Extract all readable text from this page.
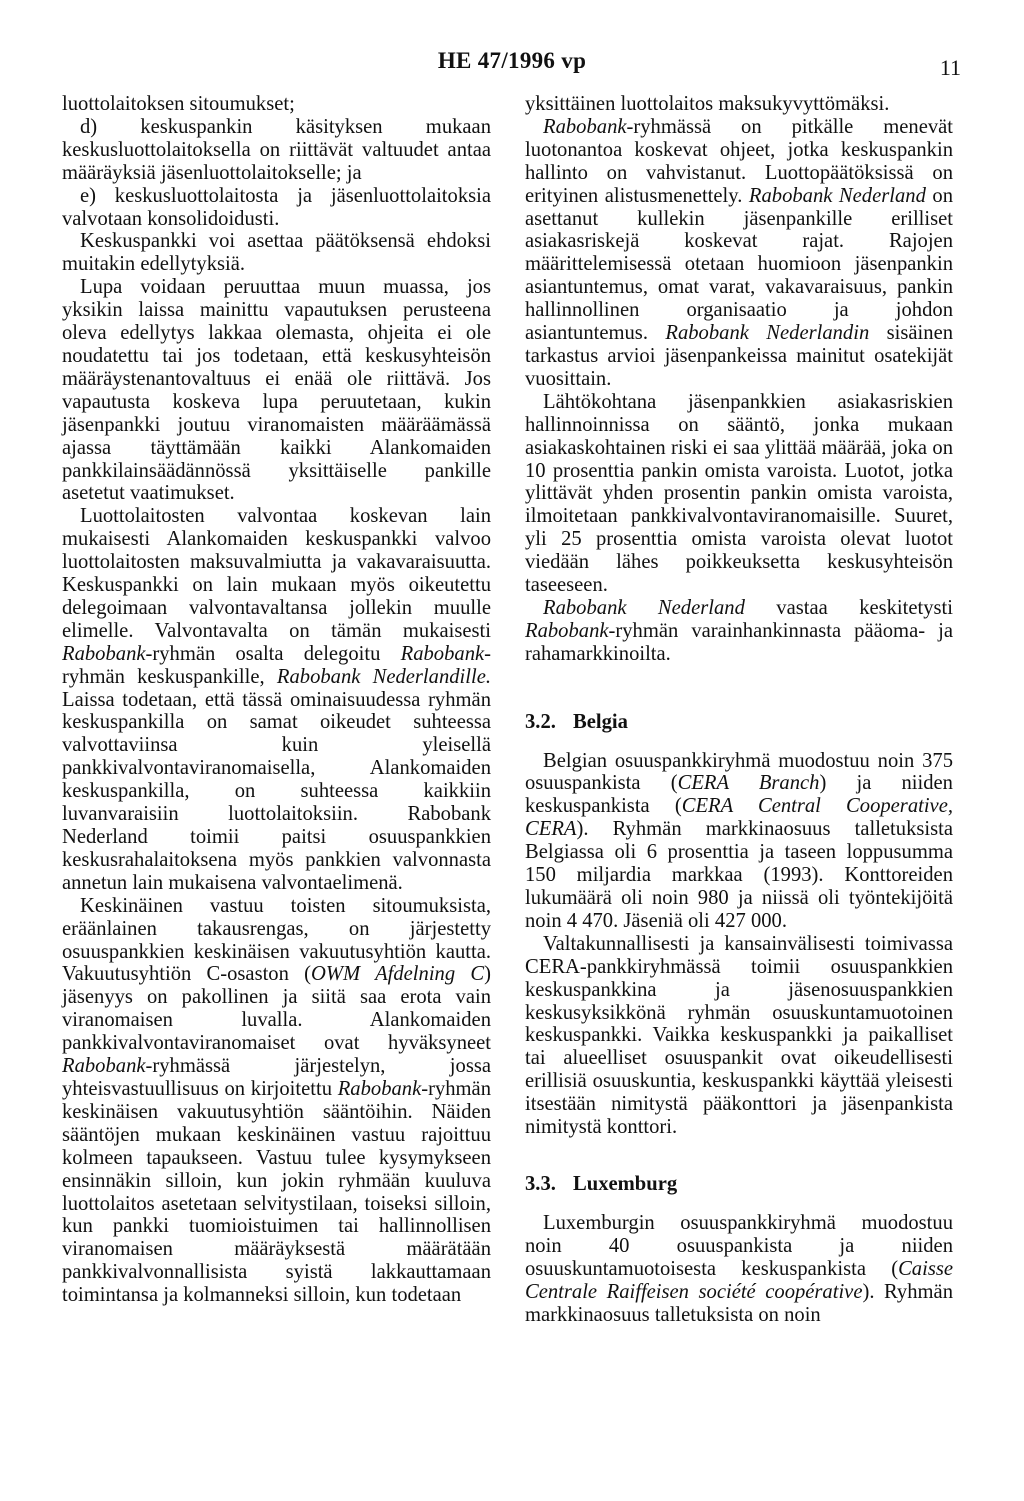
HE 47/1996 vp	11

luottolaitoksen sitoumukset;

d) keskuspankin käsityksen mukaan keskusluottolaitoksella on riittävät valtuudet antaa määräyksiä jäsenluottolaitokselle; ja

e) keskusluottolaitosta ja jäsenluottolaitoksia valvotaan konsolidoidusti.

Keskuspankki voi asettaa päätöksensä ehdoksi muitakin edellytyksiä.

Lupa voidaan peruuttaa muun muassa, jos yksikin laissa mainittu vapautuksen perusteena oleva edellytys lakkaa olemasta, ohjeita ei ole noudatettu tai jos todetaan, että keskusyhteisön määräystenantovaltuus ei enää ole riittävä. Jos vapautusta koskeva lupa peruutetaan, kukin jäsenpankki joutuu viranomaisten määräämässä ajassa täyttämään kaikki Alankomaiden pankkilainsäädännössä yksittäiselle pankille asetetut vaatimukset.

Luottolaitosten valvontaa koskevan lain mukaisesti Alankomaiden keskuspankki valvoo luottolaitosten maksuvalmiutta ja vakavaraisuutta. Keskuspankki on lain mukaan myös oikeutettu delegoimaan valvontavaltansa jollekin muulle elimelle. Valvontavalta on tämän mukaisesti Rabobank-ryhmän osalta delegoitu Rabobank-ryhmän keskuspankille, Rabobank Nederlandille. Laissa todetaan, että tässä ominaisuudessa ryhmän keskuspankilla on samat oikeudet suhteessa valvottaviinsa kuin yleisellä pankkivalvontaviranomaisella, Alankomaiden keskuspankilla, on suhteessa kaikkiin luvanvaraisiin luottolaitoksiin. Rabobank Nederland toimii paitsi osuuspankkien keskusrahalaitoksena myös pankkien valvonnasta annetun lain mukaisena valvontaelimenä.

Keskinäinen vastuu toisten sitoumuksista, eräänlainen takausrengas, on järjestetty osuuspankkien keskinäisen vakuutusyhtiön kautta. Vakuutusyhtiön C-osaston (OWM Afdelning C) jäsenyys on pakollinen ja siitä saa erota vain viranomaisen luvalla. Alankomaiden pankkivalvontaviranomaiset ovat hyväksyneet Rabobank-ryhmässä järjestelyn, jossa yhteisvastuullisuus on kirjoitettu Rabobank-ryhmän keskinäisen vakuutusyhtiön sääntöihin. Näiden sääntöjen mukaan keskinäinen vastuu rajoittuu kolmeen tapaukseen. Vastuu tulee kysymykseen ensinnäkin silloin, kun jokin ryhmään kuuluva luottolaitos asetetaan selvitystilaan, toiseksi silloin, kun pankki tuomioistuimen tai hallinnollisen viranomaisen määräyksestä määrätään pankkivalvonnallisista syistä lakkauttamaan toimintansa ja kolmanneksi silloin, kun todetaan

yksittäinen luottolaitos maksukyvyttömäksi.

Rabobank-ryhmässä on pitkälle menevät luotonantoa koskevat ohjeet, jotka keskuspankin hallinto on vahvistanut. Luottopäätöksissä on erityinen alistusmenettely. Rabobank Nederland on asettanut kullekin jäsenpankille erilliset asiakasriskejä koskevat rajat. Rajojen määrittelemisessä otetaan huomioon jäsenpankin asiantuntemus, omat varat, vakavaraisuus, pankin hallinnollinen organisaatio ja johdon asiantuntemus. Rabobank Nederlandin sisäinen tarkastus arvioi jäsenpankeissa mainitut osatekijät vuosittain.

Lähtökohtana jäsenpankkien asiakasriskien hallinnoinnissa on sääntö, jonka mukaan asiakaskohtainen riski ei saa ylittää määrää, joka on 10 prosenttia pankin omista varoista. Luotot, jotka ylittävät yhden prosentin pankin omista varoista, ilmoitetaan pankkivalvontaviranomaisille. Suuret, yli 25 prosenttia omista varoista olevat luotot viedään lähes poikkeuksetta keskusyhteisön taseeseen.

Rabobank Nederland vastaa keskitetysti Rabobank-ryhmän varainhankinnasta pääoma- ja rahamarkkinoilta.

3.2. Belgia

Belgian osuuspankkiryhmä muodostuu noin 375 osuuspankista (CERA Branch) ja niiden keskuspankista (CERA Central Cooperative, CERA). Ryhmän markkinaosuus talletuksista Belgiassa oli 6 prosenttia ja taseen loppusumma 150 miljardia markkaa (1993). Konttoreiden lukumäärä oli noin 980 ja niissä oli työntekijöitä noin 4 470. Jäseniä oli 427 000.

Valtakunnallisesti ja kansainvälisesti toimivassa CERA-pankkiryhmässä toimii osuuspankkien keskuspankkina ja jäsenosuuspankkien keskusyksikkönä ryhmän osuuskuntamuotoinen keskuspankki. Vaikka keskuspankki ja paikalliset tai alueelliset osuuspankit ovat oikeudellisesti erillisiä osuuskuntia, keskuspankki käyttää yleisesti itsestään nimitystä pääkonttori ja jäsenpankista nimitystä konttori.

3.3. Luxemburg

Luxemburgin osuuspankkiryhmä muodostuu noin 40 osuuspankista ja niiden osuuskuntamuotoisesta keskuspankista (Caisse Centrale Raiffeisen société coopérative). Ryhmän markkinaosuus talletuksista on noin
